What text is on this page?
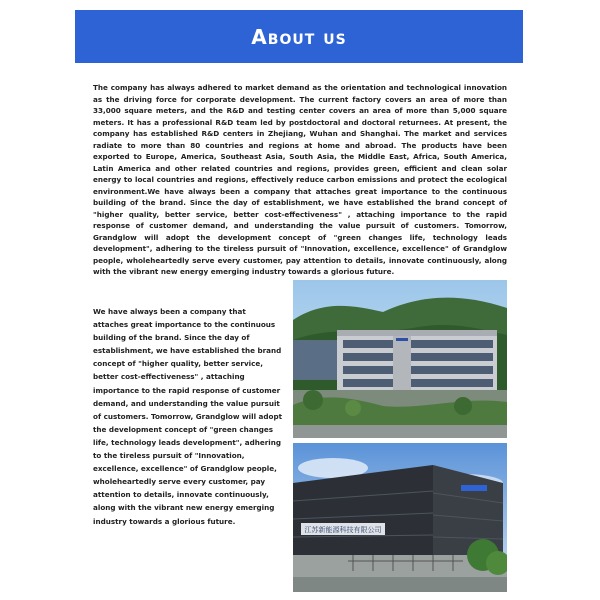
About us

The company has always adhered to market demand as the orientation and technological innovation as the driving force for corporate development. The current factory covers an area of more than 33,000 square meters, and the R&D and testing center covers an area of more than 5,000 square meters. It has a professional R&D team led by postdoctoral and doctoral returnees. At present, the company has established R&D centers in Zhejiang, Wuhan and Shanghai. The market and services radiate to more than 80 countries and regions at home and abroad. The products have been exported to Europe, America, Southeast Asia, South Asia, the Middle East, Africa, South America, Latin America and other related countries and regions, provides green, efficient and clean solar energy to local countries and regions, effectively reduce carbon emissions and protect the ecological environment.We have always been a company that attaches great importance to the continuous building of the brand. Since the day of establishment, we have established the brand concept of "higher quality, better service, better cost-effectiveness" , attaching importance to the rapid response of customer demand, and understanding the value pursuit of customers. Tomorrow, Grandglow will adopt the development concept of "green changes life, technology leads development", adhering to the tireless pursuit of "Innovation, excellence, excellence" of Grandglow people, wholeheartedly serve every customer, pay attention to details, innovate continuously, along with the vibrant new energy emerging industry towards a glorious future.

We have always been a company that attaches great importance to the continuous building of the brand. Since the day of establishment, we have established the brand concept of "higher quality, better service, better cost-effectiveness" , attaching importance to the rapid response of customer demand, and understanding the value pursuit of customers. Tomorrow, Grandglow will adopt the development concept of "green changes life, technology leads development", adhering to the tireless pursuit of "Innovation, excellence, excellence" of Grandglow people, wholeheartedly serve every customer, pay attention to details, innovate continuously, along with the vibrant new energy emerging industry towards a glorious future.

江苏新能源科技有限公司
